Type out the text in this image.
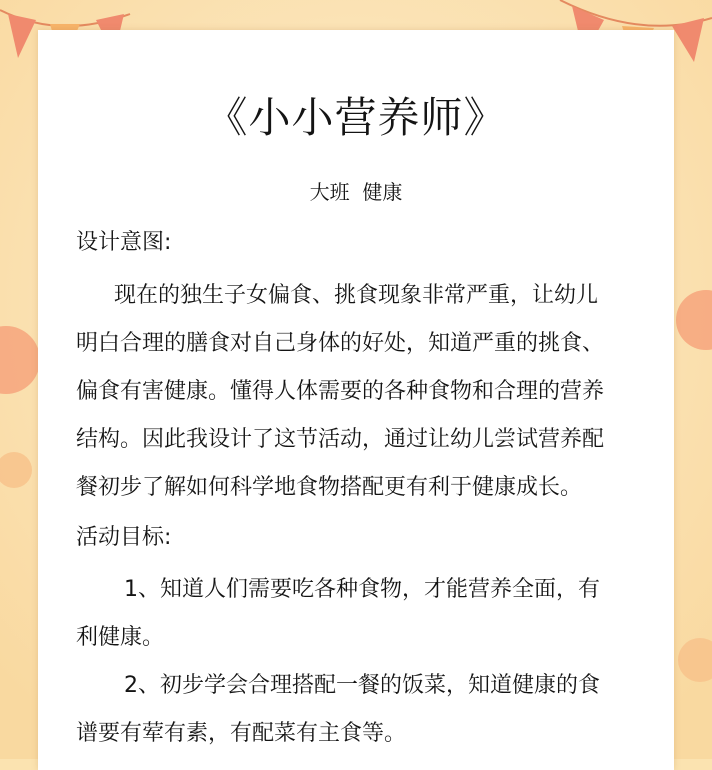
《小小营养师》

大班  健康

设计意图:
现在的独生子女偏食、挑食现象非常严重，让幼儿
明白合理的膳食对自己身体的好处，知道严重的挑食、
偏食有害健康。懂得人体需要的各种食物和合理的营养
结构。因此我设计了这节活动，通过让幼儿尝试营养配
餐初步了解如何科学地食物搭配更有利于健康成长。
活动目标:
1、知道人们需要吃各种食物，才能营养全面，有
利健康。
2、初步学会合理搭配一餐的饭菜，知道健康的食
谱要有荤有素，有配菜有主食等。
